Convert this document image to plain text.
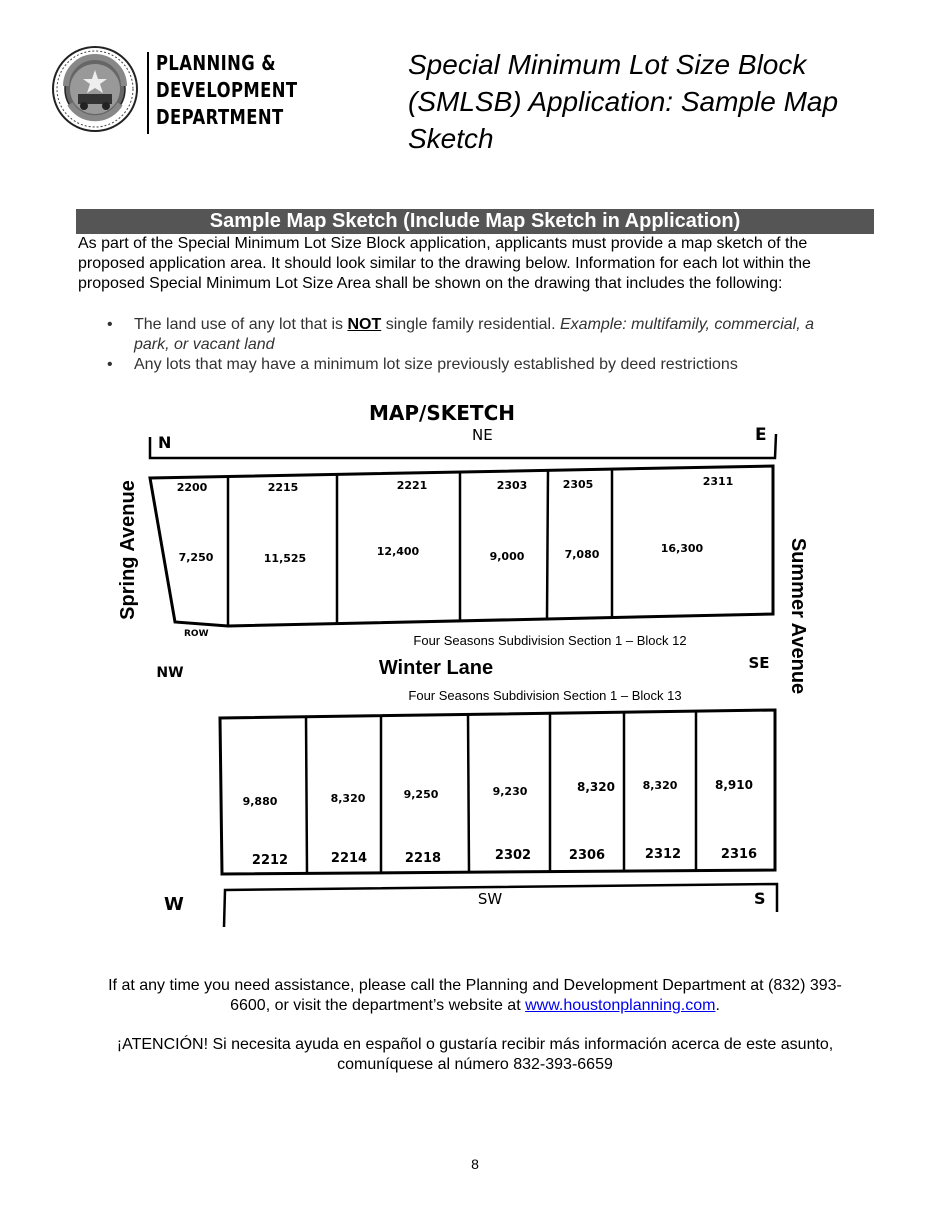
PLANNING &
DEVELOPMENT
DEPARTMENT
Special Minimum Lot Size Block
(SMLSB) Application: Sample Map
Sketch
Sample Map Sketch (Include Map Sketch in Application)
As part of the Special Minimum Lot Size Block application, applicants must provide a map sketch of the
proposed application area. It should look similar to the drawing below. Information for each lot within the
proposed Special Minimum Lot Size Area shall be shown on the drawing that includes the following:
• The land use of any lot that is NOT single family residential. Example: multifamily, commercial, a
park, or vacant land
• Any lots that may have a minimum lot size previously established by deed restrictions
MAP/SKETCH
N	NE	E
2200
7,250
2215
11,525
2221
12,400
2303
9,000
2305
7,080
2311
16,300
ROW	Four Seasons Subdivision Section 1 – Block 12
Winter Lane
Four Seasons Subdivision Section 1 – Block 13
NW
SE
Spring Avenue	Summer Avenue
9,880
2212
8,320
2214
9,250
2218
9,230
2302
8,320
2306
8,320
2312
8,910
2316
W	SW	S
If at any time you need assistance, please call the Planning and Development Department at (832) 393-
6600, or visit the department’s website at www.houstonplanning.com.
¡ATENCIÓN! Si necesita ayuda en español o gustaría recibir más información acerca de este asunto,
comuníquese al número 832-393-6659
8
